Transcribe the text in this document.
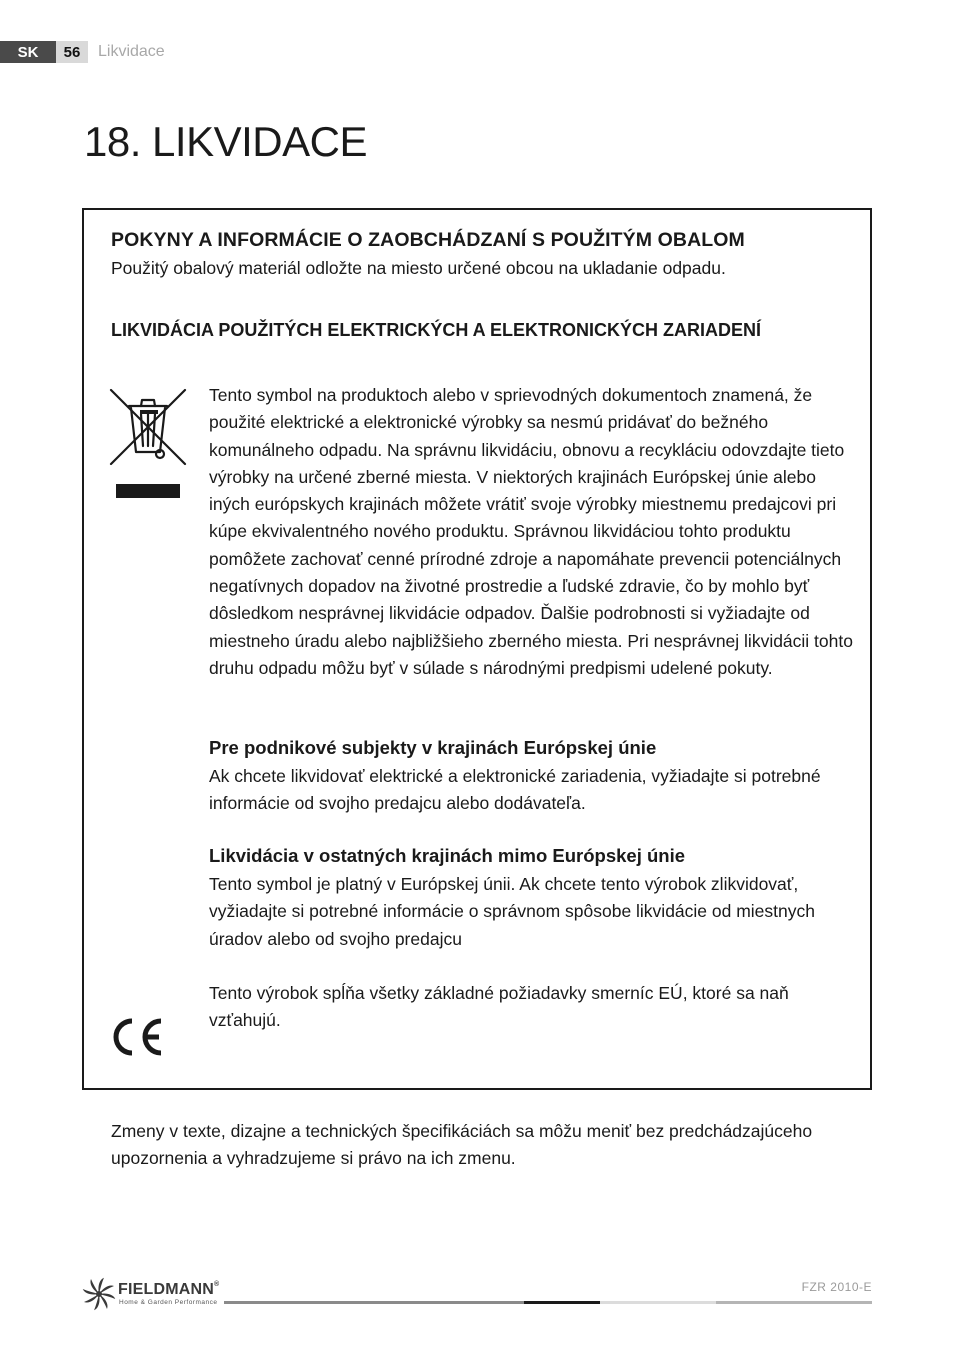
SK	56	Likvidace
18. LIKVIDACE
POKYNY A INFORMÁCIE O ZAOBCHÁDZANÍ S POUŽITÝM OBALOM

Použitý obalový materiál odložte na miesto určené obcou na ukladanie odpadu.

LIKVIDÁCIA POUŽITÝCH ELEKTRICKÝCH A ELEKTRONICKÝCH ZARIADENÍ

Tento symbol na produktoch alebo v sprievodných dokumentoch znamená, že použité elektrické a elektronické výrobky sa nesmú pridávať do bežného komunálneho odpadu. Na správnu likvidáciu, obnovu a recykláciu odovzdajte tieto výrobky na určené zberné miesta. V niektorých krajinách Európskej únie alebo iných európskych krajinách môžete vrátiť svoje výrobky miestnemu predajcovi pri kúpe ekvivalentného nového produktu. Správnou likvidáciou tohto produktu pomôžete zachovať cenné prírodné zdroje a napomáhate prevencii potenciálnych negatívnych dopadov na životné prostredie a ľudské zdravie, čo by mohlo byť dôsledkom nesprávnej likvidácie odpadov. Ďalšie podrobnosti si vyžiadajte od miestneho úradu alebo najbližšieho zberného miesta. Pri nesprávnej likvidácii tohto druhu odpadu môžu byť v súlade s národnými predpismi udelené pokuty.

Pre podnikové subjekty v krajinách Európskej únie

Ak chcete likvidovať elektrické a elektronické zariadenia, vyžiadajte si potrebné informácie od svojho predajcu alebo dodávateľa.

Likvidácia v ostatných krajinách mimo Európskej únie

Tento symbol je platný v Európskej únii. Ak chcete tento výrobok zlikvidovať, vyžiadajte si potrebné informácie o správnom spôsobe likvidácie od miestnych úradov alebo od svojho predajcu

Tento výrobok spĺňa všetky základné požiadavky smerníc EÚ, ktoré sa naň vzťahujú.

Zmeny v texte, dizajne a technických špecifikáciách sa môžu meniť bez predchádzajúceho upozornenia a vyhradzujeme si právo na ich zmenu.

FIELDMANN®
Home & Garden Performance
FZR 2010-E
